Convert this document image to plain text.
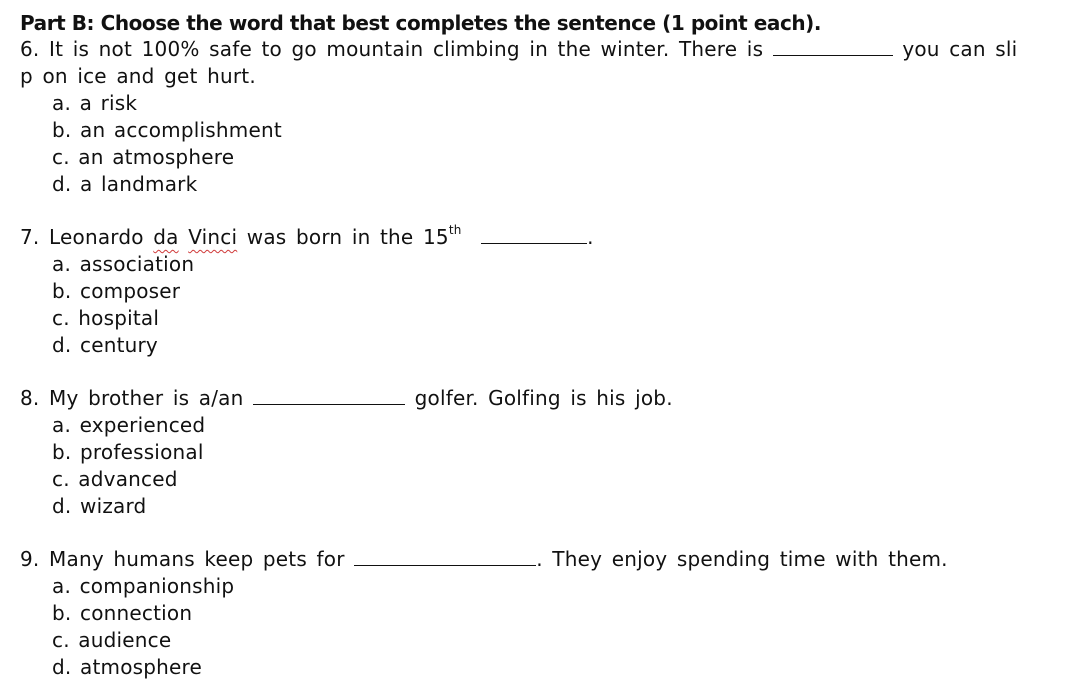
Part B: Choose the word that best completes the sentence (1 point each).
6. It is not 100% safe to go mountain climbing in the winter. There is	you can sli
p on ice and get hurt.
a. a risk
b. an accomplishment
c. an atmosphere
d. a landmark
7. Leonardo da Vinci was born in the 15th	.
a. association
b. composer
c. hospital
d. century
8. My brother is a/an	golfer. Golfing is his job.
a. experienced
b. professional
c. advanced
d. wizard
9. Many humans keep pets for	. They enjoy spending time with them.
a. companionship
b. connection
c. audience
d. atmosphere
